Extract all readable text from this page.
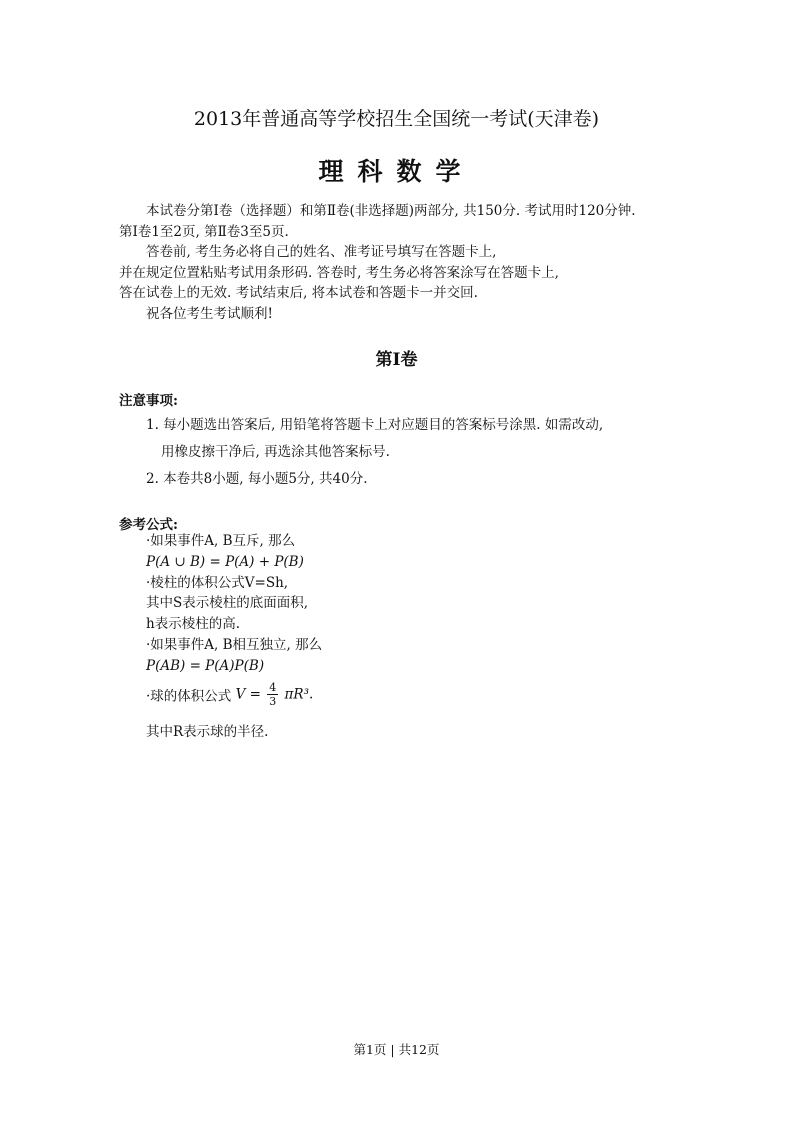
2013年普通高等学校招生全国统一考试(天津卷)
理科数学
本试卷分第Ⅰ卷（选择题）和第Ⅱ卷(非选择题)两部分, 共150分. 考试用时120分钟.
第Ⅰ卷1至2页, 第Ⅱ卷3至5页.
答卷前, 考生务必将自己的姓名、准考证号填写在答题卡上,
并在规定位置粘贴考试用条形码. 答卷时, 考生务必将答案涂写在答题卡上,
答在试卷上的无效. 考试结束后, 将本试卷和答题卡一并交回.
祝各位考生考试顺利!
第Ⅰ卷
注意事项:
1. 每小题选出答案后, 用铅笔将答题卡上对应题目的答案标号涂黑. 如需改动,
用橡皮擦干净后, 再选涂其他答案标号.
2. 本卷共8小题, 每小题5分, 共40分.
参考公式:
·如果事件A, B互斥, 那么
P(A ∪ B) = P(A) + P(B)
·棱柱的体积公式V=Sh,
其中S表示棱柱的底面面积,
h表示棱柱的高.
·如果事件A, B相互独立, 那么
P(AB) = P(A)P(B)
·球的体积公式 $V = \frac{4}{3} \pi R^3$.
其中R表示球的半径.
第1页 | 共12页
